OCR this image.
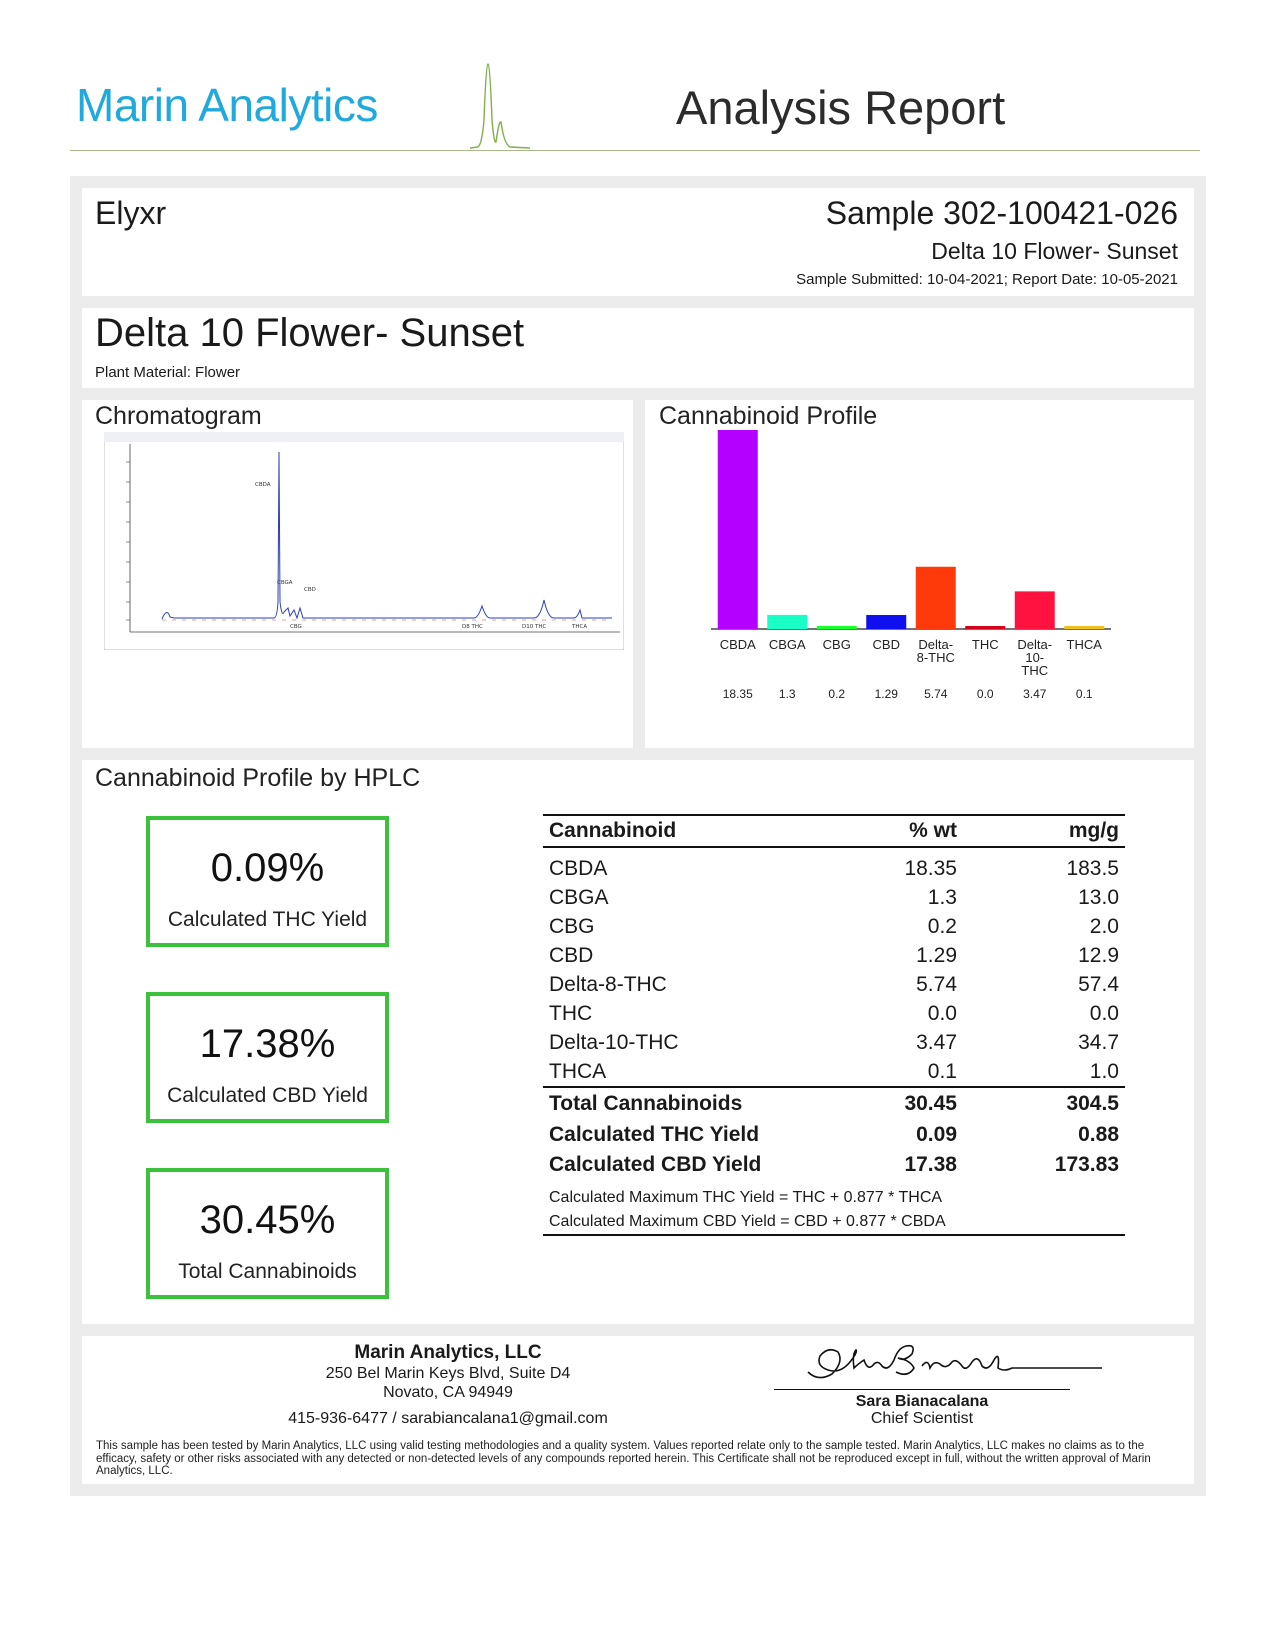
Marin Analytics	Analysis Report
Elyxr	Sample 302-100421-026
Delta 10 Flower- Sunset
Sample Submitted: 10-04-2021; Report Date: 10-05-2021
Delta 10 Flower- Sunset
Plant Material: Flower
Chromatogram
CBDA
CBGA
CBD
CBG	D8 THC	D10 THC	THCA
Cannabinoid Profile
CBDA
18.35
CBGA
1.3
CBG
0.2
CBD
1.29
Delta-
8-THC
5.74
THC
0.0
Delta-
10-
THC
3.47
THCA
0.1
Cannabinoid Profile by HPLC
0.09%
Calculated THC Yield
17.38%
Calculated CBD Yield
30.45%
Total Cannabinoids
Cannabinoid	% wt	mg/g
CBDA	18.35	183.5
CBGA	1.3	13.0
CBG	0.2	2.0
CBD	1.29	12.9
Delta-8-THC	5.74	57.4
THC	0.0	0.0
Delta-10-THC	3.47	34.7
THCA	0.1	1.0
Total Cannabinoids	30.45	304.5
Calculated THC Yield	0.09	0.88
Calculated CBD Yield	17.38	173.83
Calculated Maximum THC Yield = THC + 0.877 * THCA		
Calculated Maximum CBD Yield = CBD + 0.877 * CBDA		
Marin Analytics, LLC
250 Bel Marin Keys Blvd, Suite D4
Novato, CA 94949
415-936-6477 / sarabiancalana1@gmail.com
Sara Bianacalana
Chief Scientist
This sample has been tested by Marin Analytics, LLC using valid testing methodologies and a quality system. Values reported relate only to the sample tested. Marin Analytics, LLC makes no claims as to the efficacy, safety or other risks associated with any detected or non-detected levels of any compounds reported herein. This Certificate shall not be reproduced except in full, without the written approval of Marin Analytics, LLC.
